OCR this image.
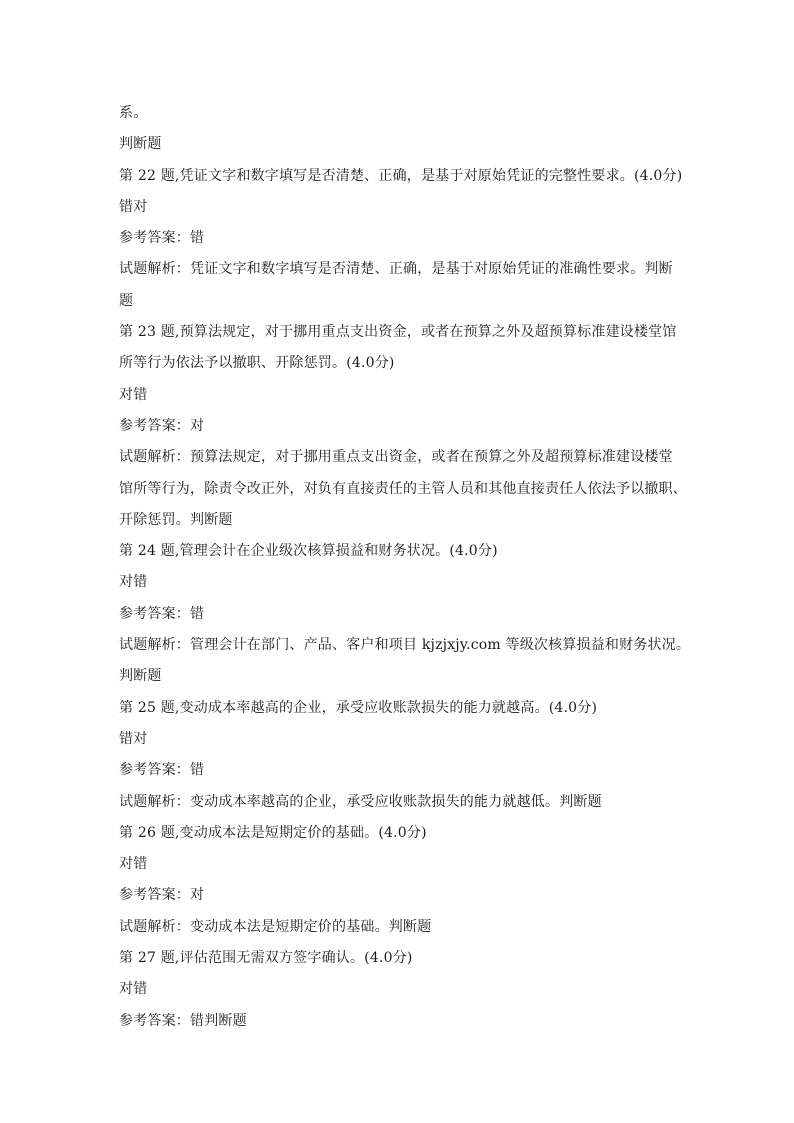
系。
判断题
第 22 题,凭证文字和数字填写是否清楚、正确，是基于对原始凭证的完整性要求。(4.0分)
错对
参考答案：错
试题解析：凭证文字和数字填写是否清楚、正确，是基于对原始凭证的准确性要求。判断
题
第 23 题,预算法规定，对于挪用重点支出资金，或者在预算之外及超预算标准建设楼堂馆
所等行为依法予以撤职、开除惩罚。(4.0分)
对错
参考答案：对
试题解析：预算法规定，对于挪用重点支出资金，或者在预算之外及超预算标准建设楼堂
馆所等行为，除责令改正外，对负有直接责任的主管人员和其他直接责任人依法予以撤职、
开除惩罚。判断题
第 24 题,管理会计在企业级次核算损益和财务状况。(4.0分)
对错
参考答案：错
试题解析：管理会计在部门、产品、客户和项目 kjzjxjy.com 等级次核算损益和财务状况。
判断题
第 25 题,变动成本率越高的企业，承受应收账款损失的能力就越高。(4.0分)
错对
参考答案：错
试题解析：变动成本率越高的企业，承受应收账款损失的能力就越低。判断题
第 26 题,变动成本法是短期定价的基础。(4.0分)
对错
参考答案：对
试题解析：变动成本法是短期定价的基础。判断题
第 27 题,评估范围无需双方签字确认。(4.0分)
对错
参考答案：错判断题
